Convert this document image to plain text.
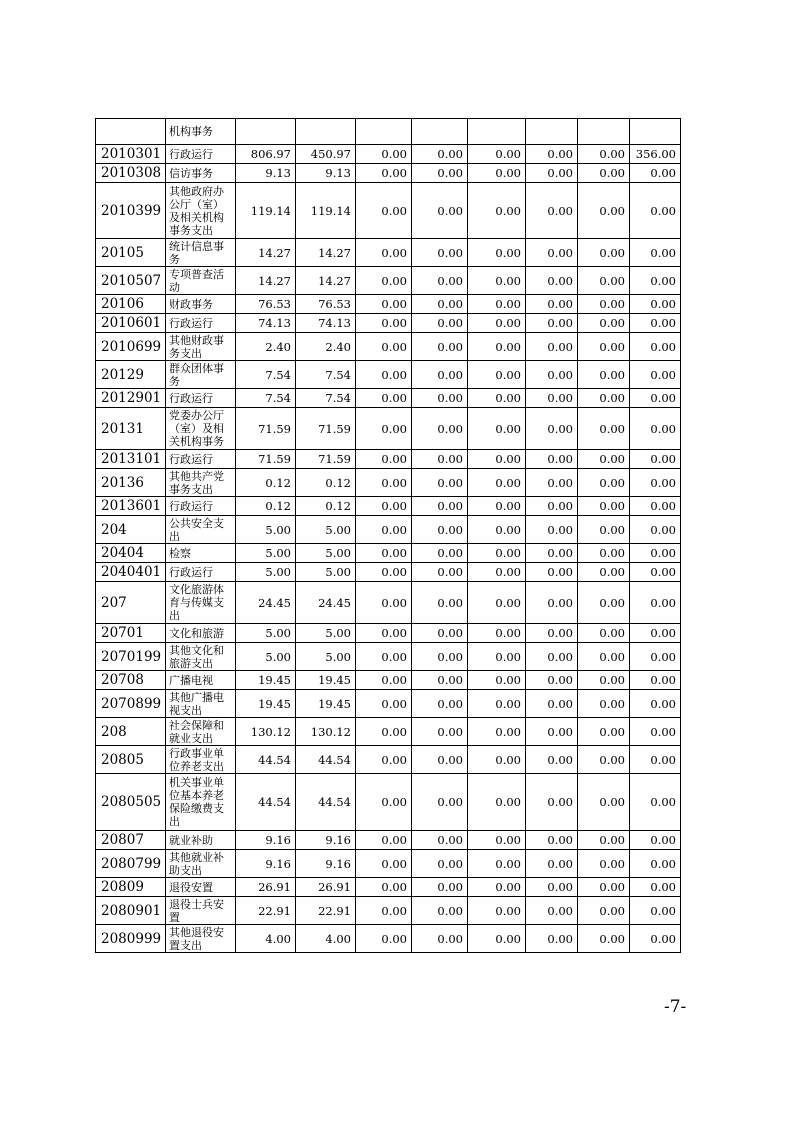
	机构事务								
2010301	行政运行	806.97	450.97	0.00	0.00	0.00	0.00	0.00	356.00
2010308	信访事务	9.13	9.13	0.00	0.00	0.00	0.00	0.00	0.00
2010399	其他政府办公厅（室）及相关机构事务支出	119.14	119.14	0.00	0.00	0.00	0.00	0.00	0.00
20105	统计信息事务	14.27	14.27	0.00	0.00	0.00	0.00	0.00	0.00
2010507	专项普查活动	14.27	14.27	0.00	0.00	0.00	0.00	0.00	0.00
20106	财政事务	76.53	76.53	0.00	0.00	0.00	0.00	0.00	0.00
2010601	行政运行	74.13	74.13	0.00	0.00	0.00	0.00	0.00	0.00
2010699	其他财政事务支出	2.40	2.40	0.00	0.00	0.00	0.00	0.00	0.00
20129	群众团体事务	7.54	7.54	0.00	0.00	0.00	0.00	0.00	0.00
2012901	行政运行	7.54	7.54	0.00	0.00	0.00	0.00	0.00	0.00
20131	党委办公厅（室）及相关机构事务	71.59	71.59	0.00	0.00	0.00	0.00	0.00	0.00
2013101	行政运行	71.59	71.59	0.00	0.00	0.00	0.00	0.00	0.00
20136	其他共产党事务支出	0.12	0.12	0.00	0.00	0.00	0.00	0.00	0.00
2013601	行政运行	0.12	0.12	0.00	0.00	0.00	0.00	0.00	0.00
204	公共安全支出	5.00	5.00	0.00	0.00	0.00	0.00	0.00	0.00
20404	检察	5.00	5.00	0.00	0.00	0.00	0.00	0.00	0.00
2040401	行政运行	5.00	5.00	0.00	0.00	0.00	0.00	0.00	0.00
207	文化旅游体育与传媒支出	24.45	24.45	0.00	0.00	0.00	0.00	0.00	0.00
20701	文化和旅游	5.00	5.00	0.00	0.00	0.00	0.00	0.00	0.00
2070199	其他文化和旅游支出	5.00	5.00	0.00	0.00	0.00	0.00	0.00	0.00
20708	广播电视	19.45	19.45	0.00	0.00	0.00	0.00	0.00	0.00
2070899	其他广播电视支出	19.45	19.45	0.00	0.00	0.00	0.00	0.00	0.00
208	社会保障和就业支出	130.12	130.12	0.00	0.00	0.00	0.00	0.00	0.00
20805	行政事业单位养老支出	44.54	44.54	0.00	0.00	0.00	0.00	0.00	0.00
2080505	机关事业单位基本养老保险缴费支出	44.54	44.54	0.00	0.00	0.00	0.00	0.00	0.00
20807	就业补助	9.16	9.16	0.00	0.00	0.00	0.00	0.00	0.00
2080799	其他就业补助支出	9.16	9.16	0.00	0.00	0.00	0.00	0.00	0.00
20809	退役安置	26.91	26.91	0.00	0.00	0.00	0.00	0.00	0.00
2080901	退役士兵安置	22.91	22.91	0.00	0.00	0.00	0.00	0.00	0.00
2080999	其他退役安置支出	4.00	4.00	0.00	0.00	0.00	0.00	0.00	0.00
-7-
